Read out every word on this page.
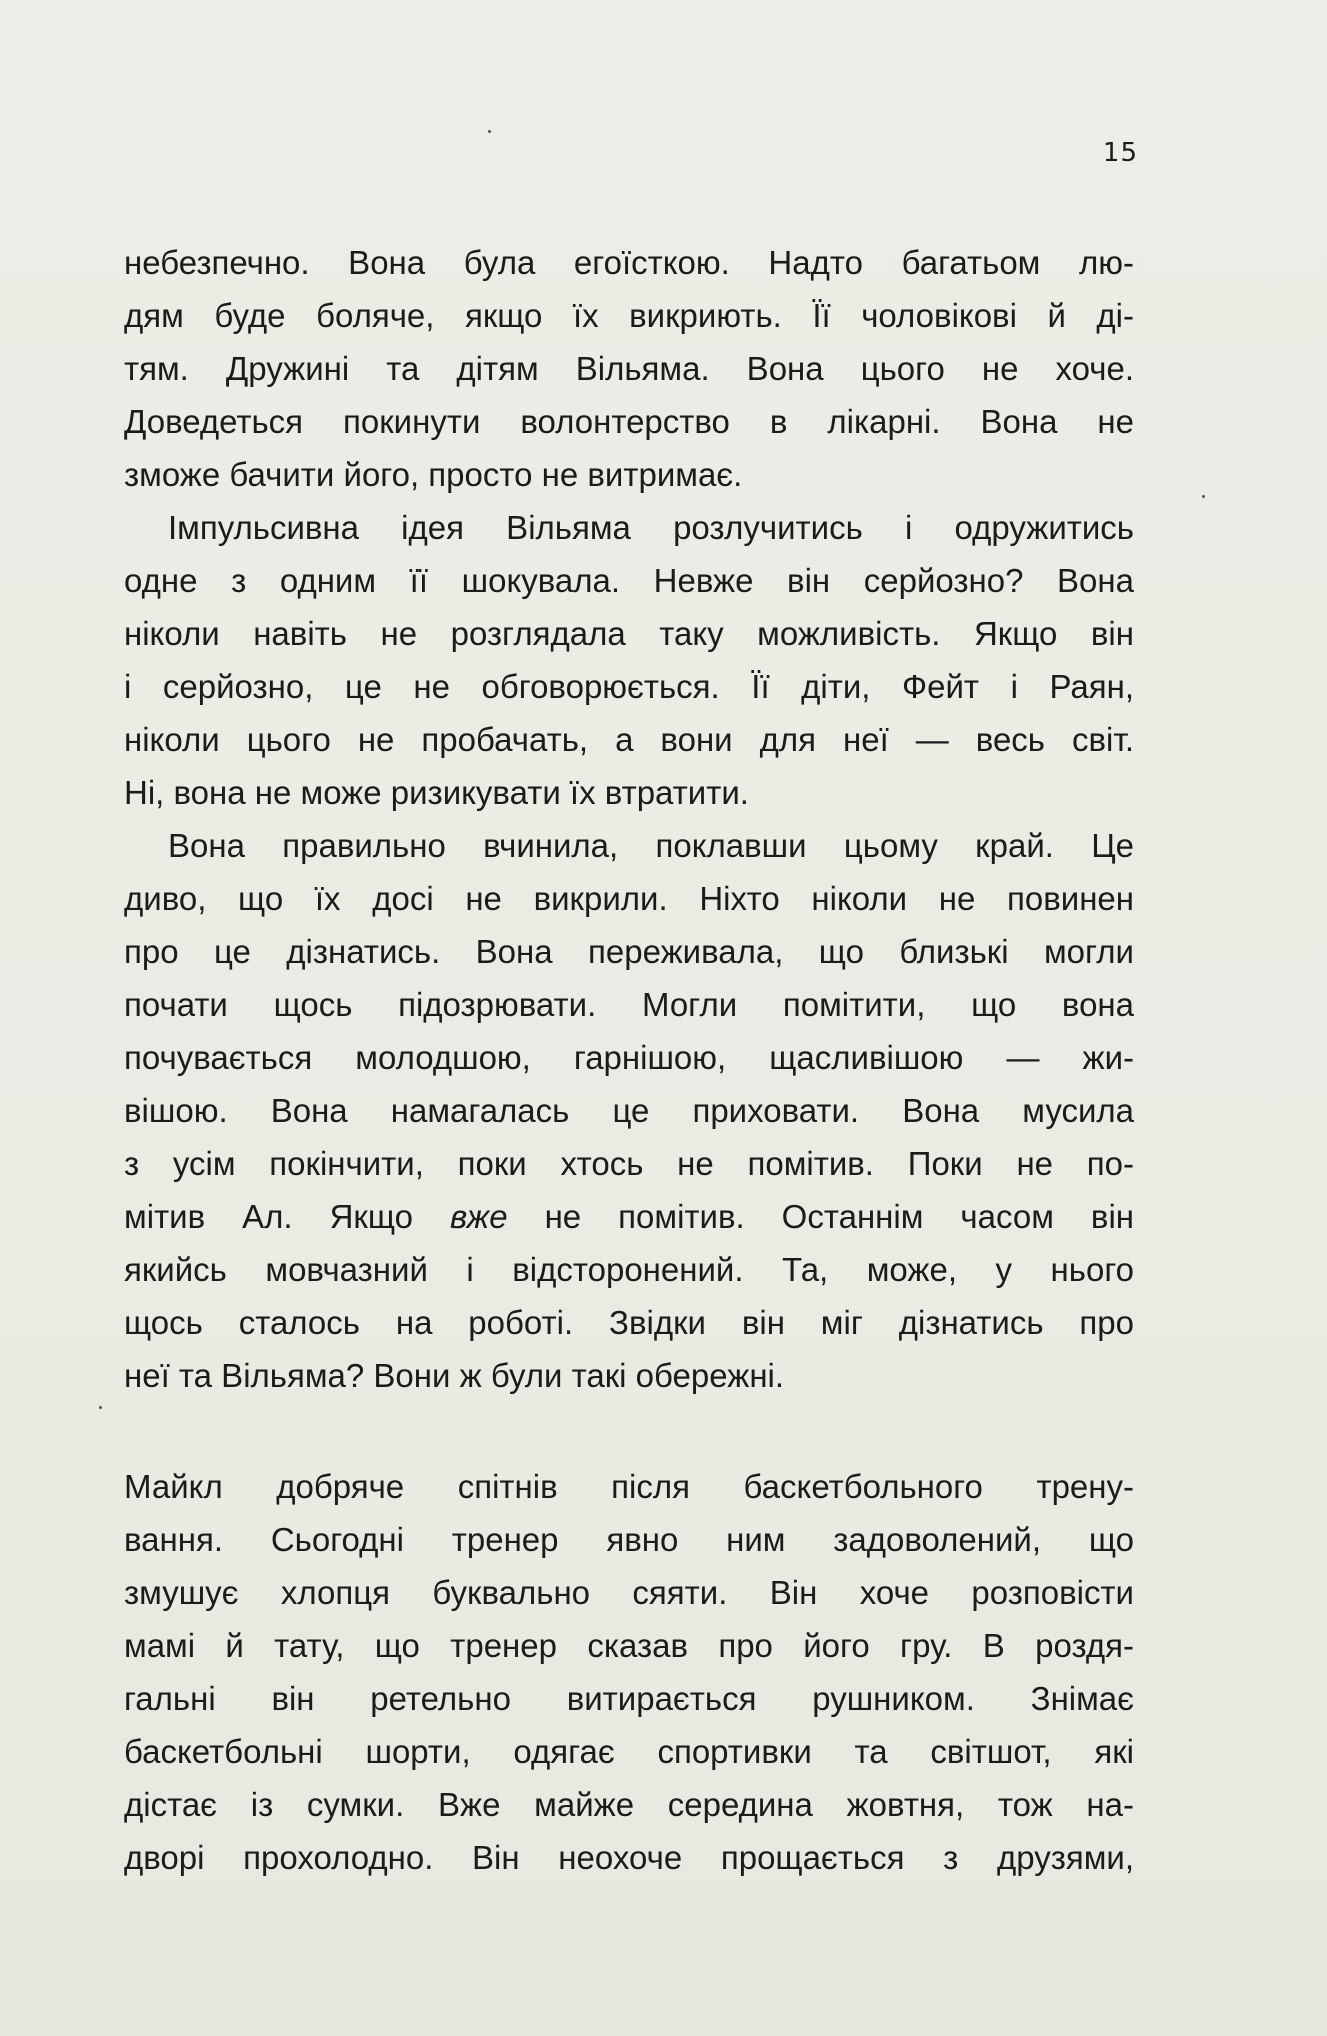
15
небезпечно. Вона була егоїсткою. Надто багатьом лю-
дям буде боляче, якщо їх викриють. Її чоловікові й ді-
тям. Дружині та дітям Вільяма. Вона цього не хоче.
Доведеться покинути волонтерство в лікарні. Вона не
зможе бачити його, просто не витримає.
Імпульсивна ідея Вільяма розлучитись і одружитись
одне з одним її шокувала. Невже він серйозно? Вона
ніколи навіть не розглядала таку можливість. Якщо він
і серйозно, це не обговорюється. Її діти, Фейт і Раян,
ніколи цього не пробачать, а вони для неї — весь світ.
Ні, вона не може ризикувати їх втратити.
Вона правильно вчинила, поклавши цьому край. Це
диво, що їх досі не викрили. Ніхто ніколи не повинен
про це дізнатись. Вона переживала, що близькі могли
почати щось підозрювати. Могли помітити, що вона
почувається молодшою, гарнішою, щасливішою — жи-
вішою. Вона намагалась це приховати. Вона мусила
з усім покінчити, поки хтось не помітив. Поки не по-
мітив Ал. Якщо вже не помітив. Останнім часом він
якийсь мовчазний і відсторонений. Та, може, у нього
щось сталось на роботі. Звідки він міг дізнатись про
неї та Вільяма? Вони ж були такі обережні.
Майкл добряче спітнів після баскетбольного трену-
вання. Сьогодні тренер явно ним задоволений, що
змушує хлопця буквально сяяти. Він хоче розповісти
мамі й тату, що тренер сказав про його гру. В роздя-
гальні він ретельно витирається рушником. Знімає
баскетбольні шорти, одягає спортивки та світшот, які
дістає із сумки. Вже майже середина жовтня, тож на-
дворі прохолодно. Він неохоче прощається з друзями,
